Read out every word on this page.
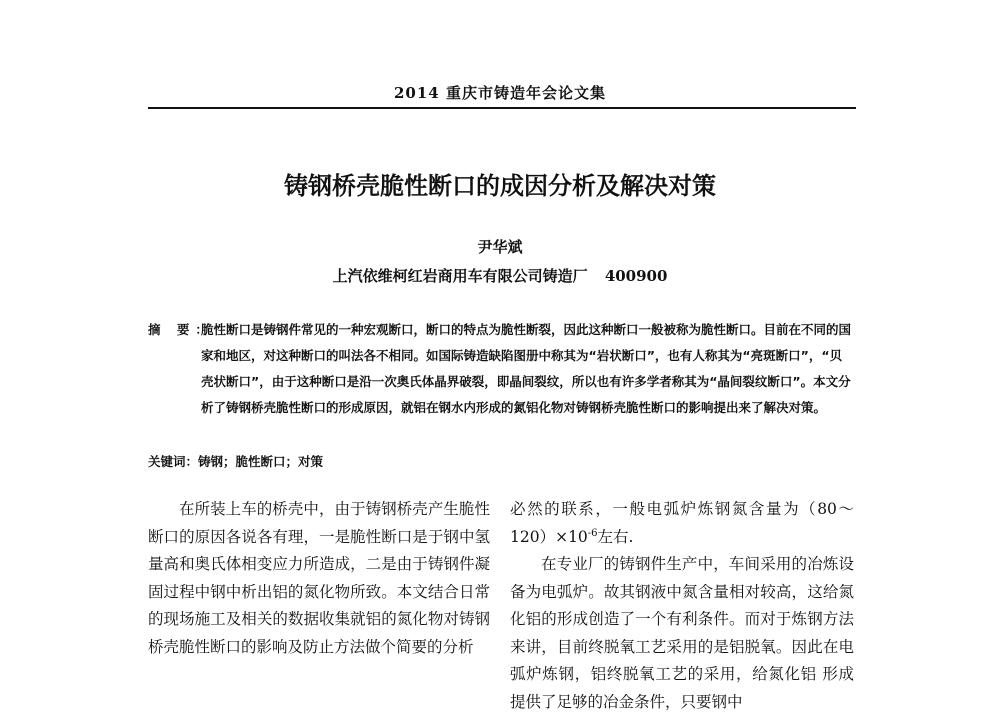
2014 重庆市铸造年会论文集
铸钢桥壳脆性断口的成因分析及解决对策
尹华斌
上汽依维柯红岩商用车有限公司铸造厂 400900
摘 要：
脆性断口是铸钢件常见的一种宏观断口，断口的特点为脆性断裂，因此这种断口一般被称为脆性断口。目前在不同的国家和地区，对这种断口的叫法各不相同。如国际铸造缺陷图册中称其为“岩状断口”，也有人称其为“亮斑断口”，“贝壳状断口”，由于这种断口是沿一次奥氏体晶界破裂，即晶间裂纹，所以也有许多学者称其为“晶间裂纹断口”。本文分析了铸钢桥壳脆性断口的形成原因，就铝在钢水内形成的氮铝化物对铸钢桥壳脆性断口的影响提出来了解决对策。
关键词：铸钢；脆性断口；对策

在所装上车的桥壳中，由于铸钢桥壳产生脆性断口的原因各说各有理，一是脆性断口是于钢中氢量高和奥氏体相变应力所造成，二是由于铸钢件凝固过程中钢中析出铝的氮化物所致。本文结合日常的现场施工及相关的数据收集就铝的氮化物对铸钢桥壳脆性断口的影响及防止方法做个简要的分析

必然的联系，一般电弧炉炼钢氮含量为$(80\sim 120)\times 10^{-6}$左右.

在专业厂的铸钢件生产中，车间采用的冶炼设备为电弧炉。故其钢液中氮含量相对较高，这给氮化铝的形成创造了一个有利条件。而对于炼钢方法来讲，目前终脱氧工艺采用的是铝脱氧。因此在电弧炉炼钢，铝终脱氧工艺的采用，给氮化铝 形成提供了足够的冶金条件，只要钢中
